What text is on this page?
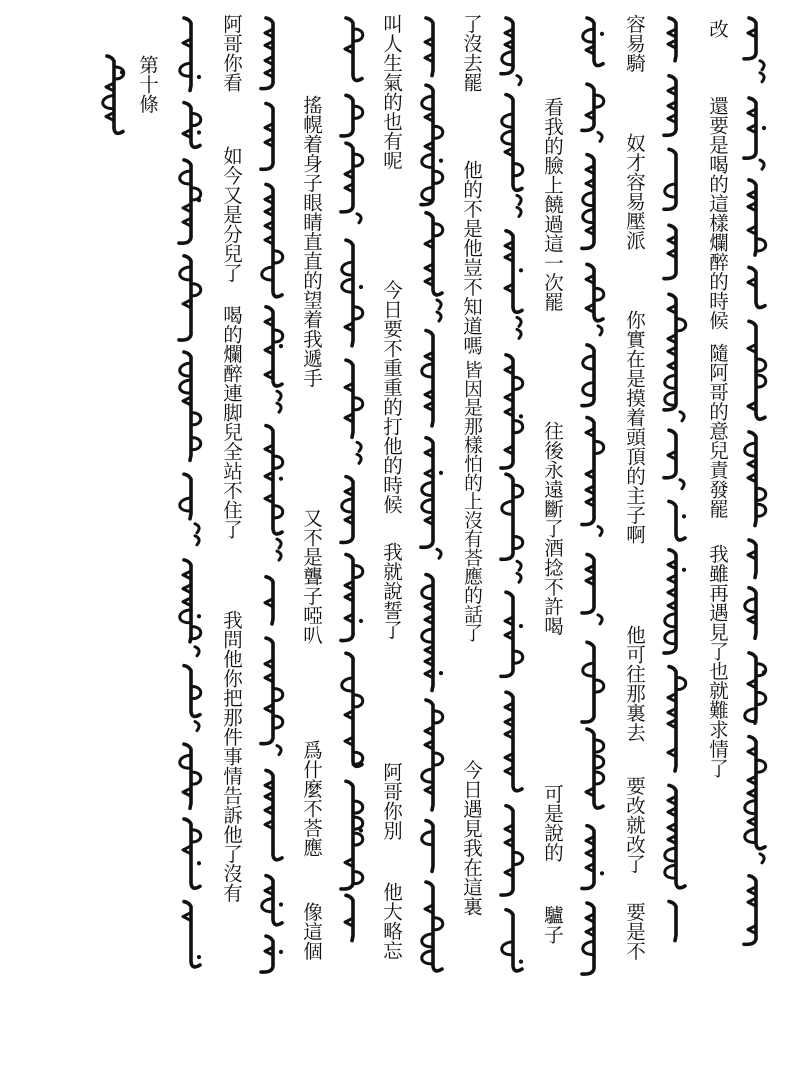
改
還要是喝的這樣爛醉的時候
隨阿哥的意兒責發罷
我雖再遇見了也就難求情了
容易騎
奴才容易壓派
你實在是摸着頭頂的主子啊
他可往那裏去
要改就改了
要是不
看我的臉上饒過這一次罷
往後永遠斷了酒捻不許喝
可是說的
驢子
了沒去罷
他的不是他豈不知道嗎
皆因是那樣怕的上沒有荅應的話了
今日遇見我在這裏
叫人生氣的也有呢
今日要不重重的打他的時候
我就說誓了
阿哥你別
他大略忘
搖幌着身子眼睛直直的望着我遞手
又不是聾子啞叭
爲什麼不荅應
像這個
阿哥你看
如今又是分兒了
喝的爛醉連脚兒全站不住了
我問他你把那件事情告訴他了沒有
第十條
